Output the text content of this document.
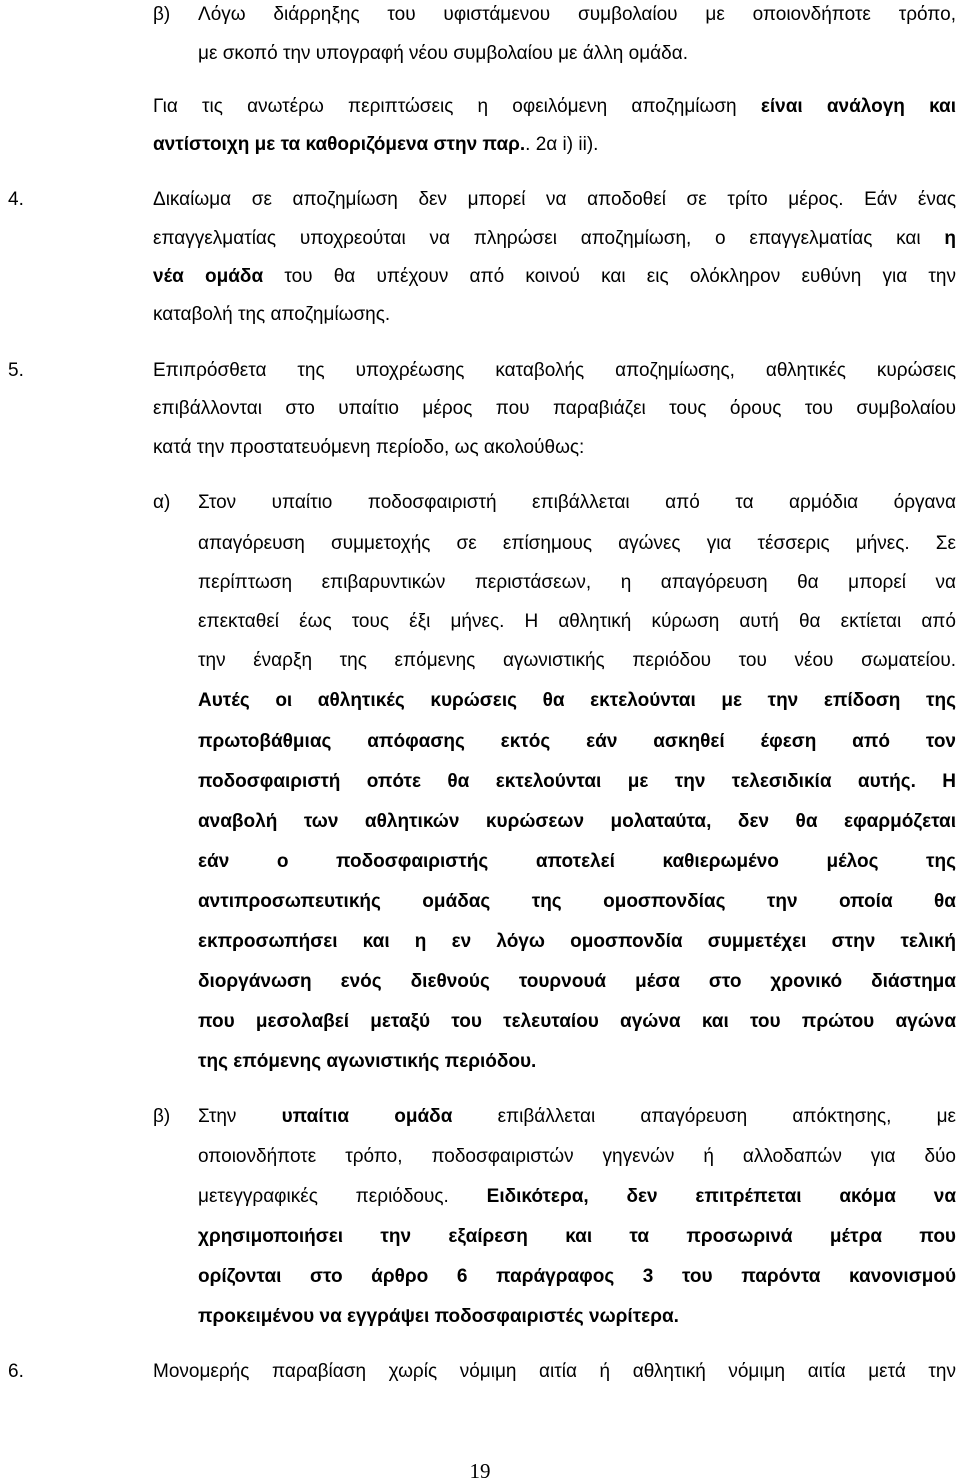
β) Λόγω διάρρηξης του υφιστάμενου συμβολαίου με οποιονδήποτε τρόπο,
με σκοπό την υπογραφή νέου συμβολαίου με άλλη ομάδα.
Για τις ανωτέρω περιπτώσεις η οφειλόμενη αποζημίωση είναι ανάλογη και
αντίστοιχη με τα καθοριζόμενα στην παρ.. 2α i) ii).
4.	Δικαίωμα σε αποζημίωση δεν μπορεί να αποδοθεί σε τρίτο μέρος. Εάν ένας
επαγγελματίας υποχρεούται να πληρώσει αποζημίωση, ο επαγγελματίας και η
νέα ομάδα του θα υπέχουν από κοινού και εις ολόκληρον ευθύνη για την
καταβολή της αποζημίωσης.
5.	Επιπρόσθετα της υποχρέωσης καταβολής αποζημίωσης, αθλητικές κυρώσεις
επιβάλλονται στο υπαίτιο μέρος που παραβιάζει τους όρους του συμβολαίου
κατά την προστατευόμενη περίοδο, ως ακολούθως:
α) Στον υπαίτιο ποδοσφαιριστή επιβάλλεται από τα αρμόδια όργανα
απαγόρευση συμμετοχής σε επίσημους αγώνες για τέσσερις μήνες. Σε
περίπτωση επιβαρυντικών περιστάσεων, η απαγόρευση θα μπορεί να
επεκταθεί έως τους έξι μήνες. Η αθλητική κύρωση αυτή θα εκτίεται από
την έναρξη της επόμενης αγωνιστικής περιόδου του νέου σωματείου.
Αυτές οι αθλητικές κυρώσεις θα εκτελούνται με την επίδοση της
πρωτοβάθμιας απόφασης εκτός εάν ασκηθεί έφεση από τον
ποδοσφαιριστή οπότε θα εκτελούνται με την τελεσιδικία αυτής. Η
αναβολή των αθλητικών κυρώσεων μολαταύτα, δεν θα εφαρμόζεται
εάν ο ποδοσφαιριστής αποτελεί καθιερωμένο μέλος της
αντιπροσωπευτικής ομάδας της ομοσπονδίας την οποία θα
εκπροσωπήσει και η εν λόγω ομοσπονδία συμμετέχει στην τελική
διοργάνωση ενός διεθνούς τουρνουά μέσα στο χρονικό διάστημα
που μεσολαβεί μεταξύ του τελευταίου αγώνα και του πρώτου αγώνα
της επόμενης αγωνιστικής περιόδου.
β) Στην υπαίτια ομάδα επιβάλλεται απαγόρευση απόκτησης, με
οποιονδήποτε τρόπο, ποδοσφαιριστών γηγενών ή αλλοδαπών για δύο
μετεγγραφικές περιόδους. Ειδικότερα, δεν επιτρέπεται ακόμα να
χρησιμοποιήσει την εξαίρεση και τα προσωρινά μέτρα που
ορίζονται στο άρθρο 6 παράγραφος 3 του παρόντα κανονισμού
προκειμένου να εγγράψει ποδοσφαιριστές νωρίτερα.
6.	Μονομερής παραβίαση χωρίς νόμιμη αιτία ή αθλητική νόμιμη αιτία μετά την
19
